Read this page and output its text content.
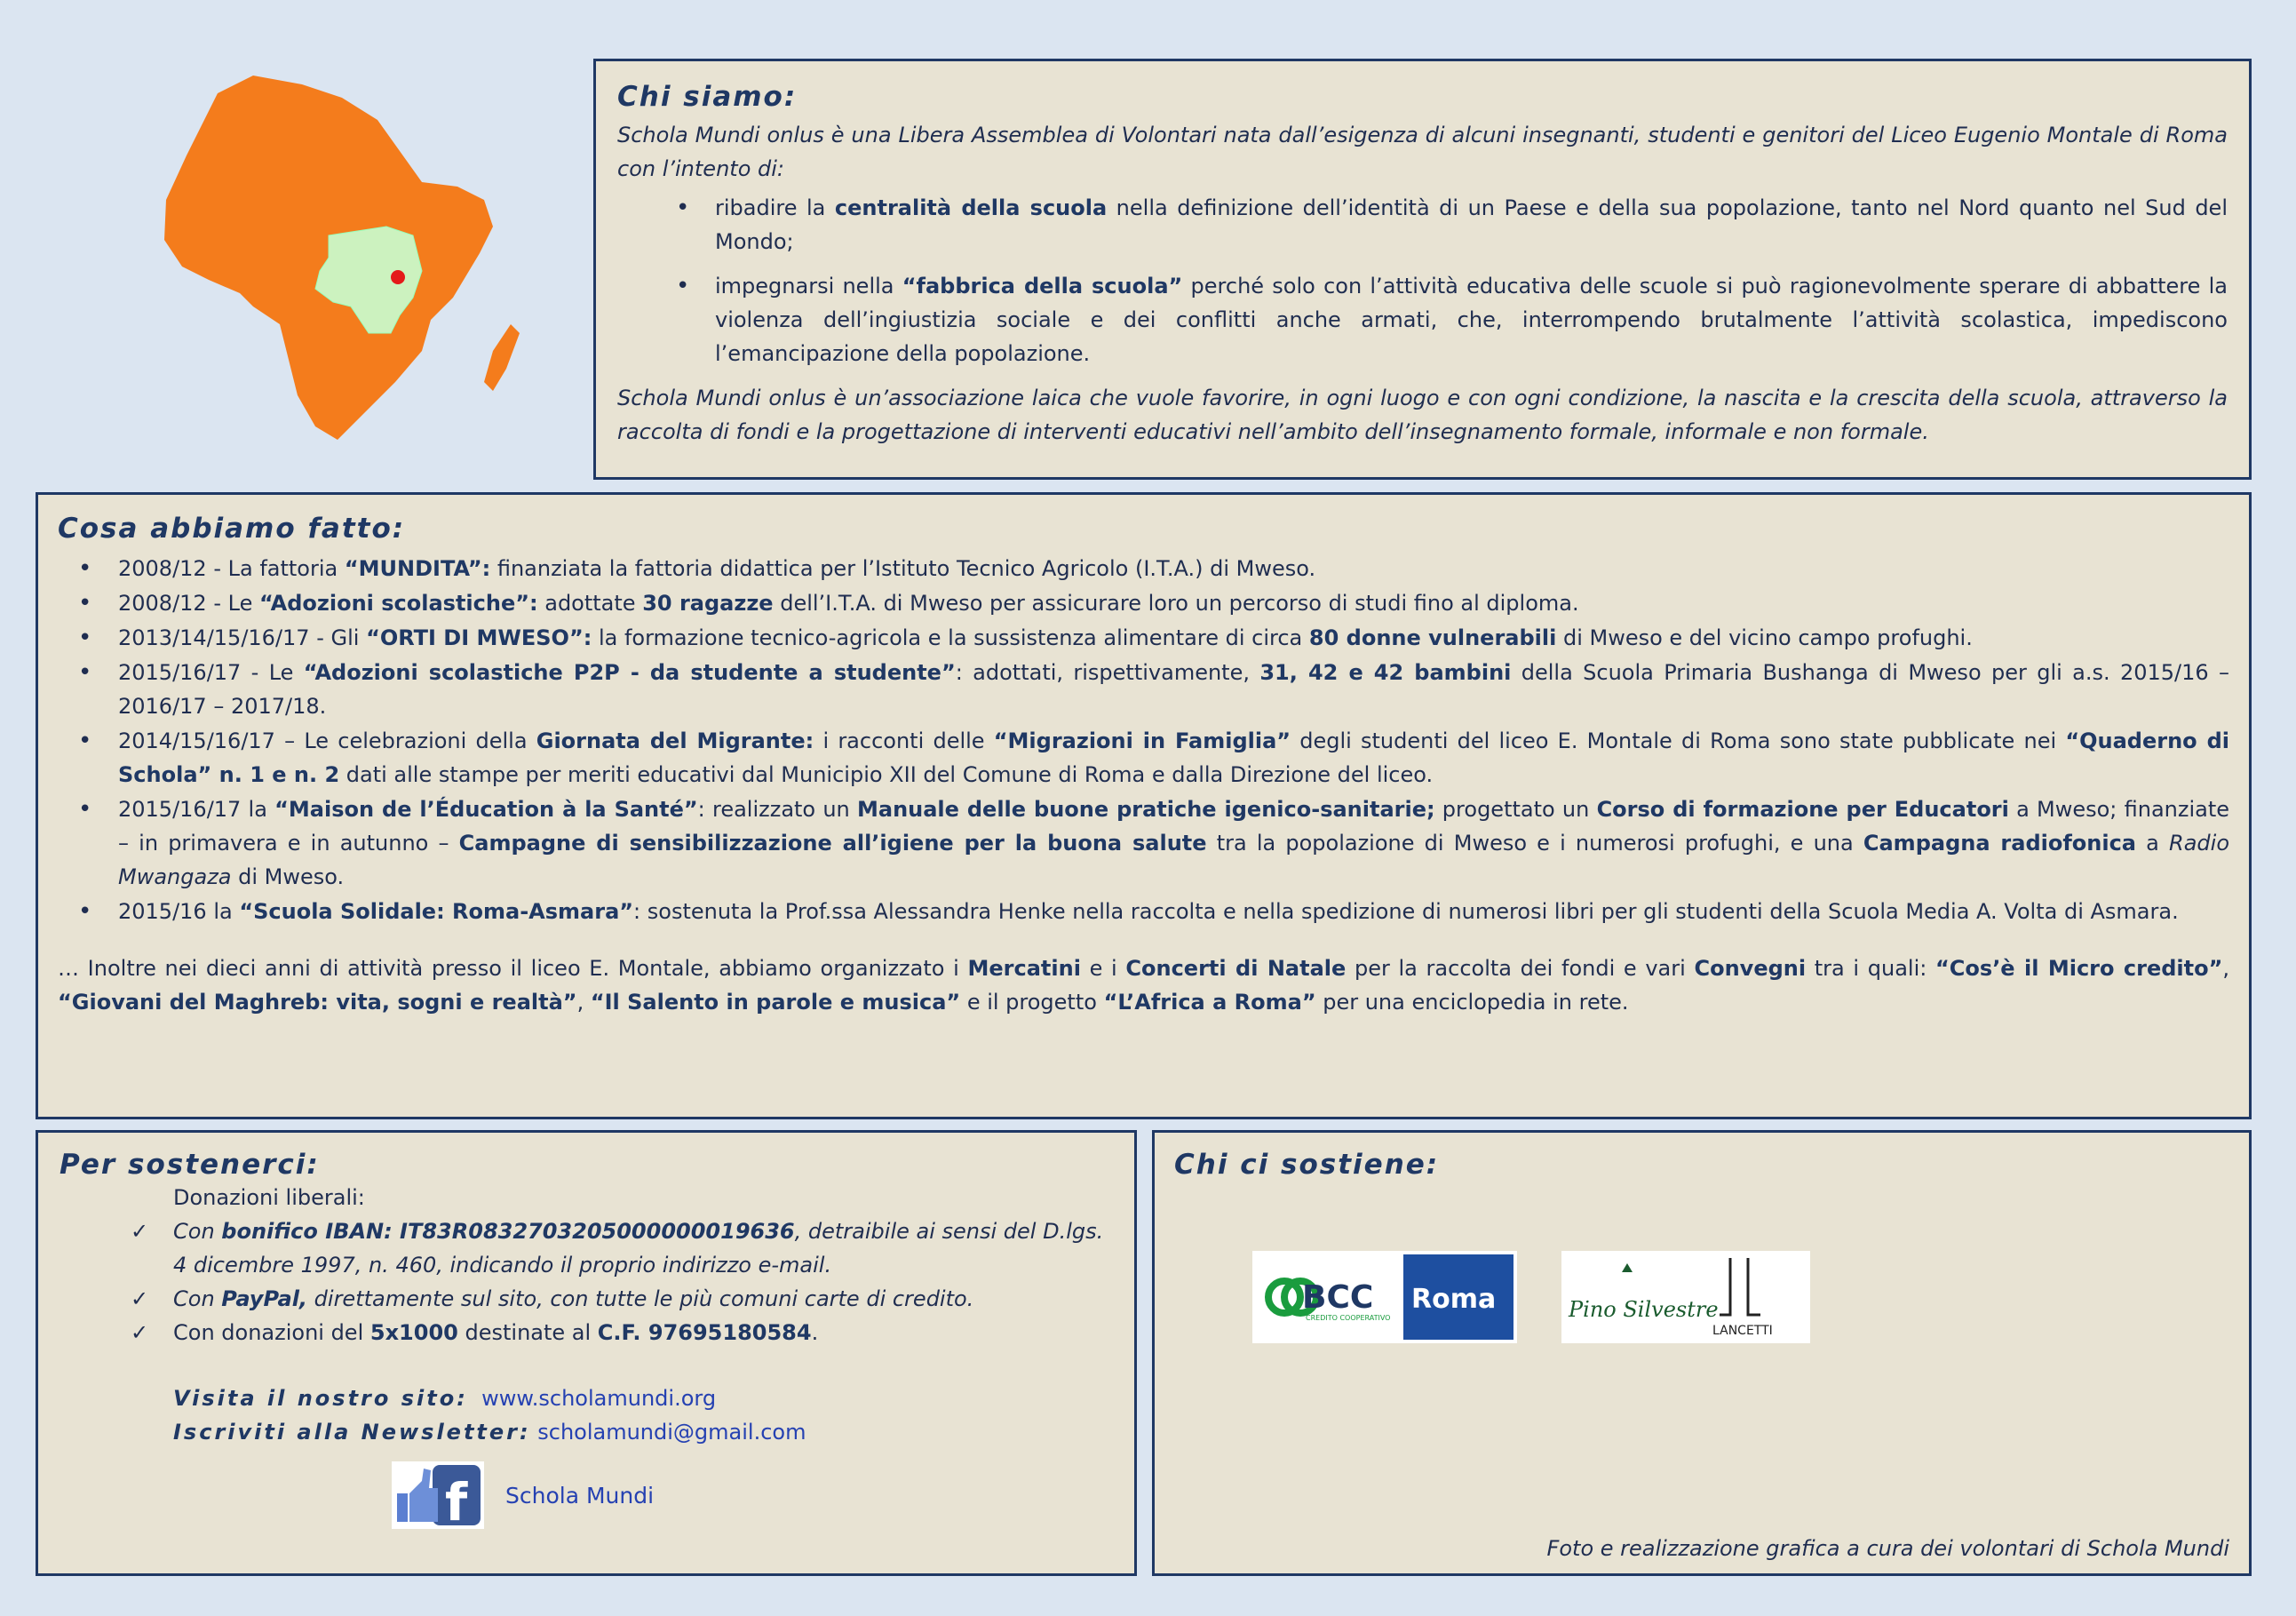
Chi siamo:

Schola Mundi onlus è una Libera Assemblea di Volontari nata dall’esigenza di alcuni insegnanti, studenti e genitori del Liceo Eugenio Montale di Roma con l’intento di:

• ribadire la centralità della scuola nella definizione dell’identità di un Paese e della sua popolazione, tanto nel Nord quanto nel Sud del Mondo;
• impegnarsi nella “fabbrica della scuola” perché solo con l’attività educativa delle scuole si può ragionevolmente sperare di abbattere la violenza dell’ingiustizia sociale e dei conflitti anche armati, che, interrompendo brutalmente l’attività scolastica, impediscono l’emancipazione della popolazione.

Schola Mundi onlus è un’associazione laica che vuole favorire, in ogni luogo e con ogni condizione, la nascita e la crescita della scuola, attraverso la raccolta di fondi e la progettazione di interventi educativi nell’ambito dell’insegnamento formale, informale e non formale.

Cosa abbiamo fatto:
• 2008/12 - La fattoria “MUNDITA”: finanziata la fattoria didattica per l’Istituto Tecnico Agricolo (I.T.A.) di Mweso.
• 2008/12 - Le “Adozioni scolastiche”: adottate 30 ragazze dell’I.T.A. di Mweso per assicurare loro un percorso di studi fino al diploma.
• 2013/14/15/16/17 - Gli “ORTI DI MWESO”: la formazione tecnico-agricola e la sussistenza alimentare di circa 80 donne vulnerabili di Mweso e del vicino campo profughi.
• 2015/16/17 - Le “Adozioni scolastiche P2P - da studente a studente”: adottati, rispettivamente, 31, 42 e 42 bambini della Scuola Primaria Bushanga di Mweso per gli a.s. 2015/16 – 2016/17 – 2017/18.
• 2014/15/16/17 – Le celebrazioni della Giornata del Migrante: i racconti delle “Migrazioni in Famiglia” degli studenti del liceo E. Montale di Roma sono state pubblicate nei “Quaderno di Schola” n. 1 e n. 2 dati alle stampe per meriti educativi dal Municipio XII del Comune di Roma e dalla Direzione del liceo.
• 2015/16/17 la “Maison de l’Éducation à la Santé”: realizzato un Manuale delle buone pratiche igenico-sanitarie; progettato un Corso di formazione per Educatori a Mweso; finanziate – in primavera e in autunno – Campagne di sensibilizzazione all’igiene per la buona salute tra la popolazione di Mweso e i numerosi profughi, e una Campagna radiofonica a Radio Mwangaza di Mweso.
• 2015/16 la “Scuola Solidale: Roma-Asmara”: sostenuta la Prof.ssa Alessandra Henke nella raccolta e nella spedizione di numerosi libri per gli studenti della Scuola Media A. Volta di Asmara.

… Inoltre nei dieci anni di attività presso il liceo E. Montale, abbiamo organizzato i Mercatini e i Concerti di Natale per la raccolta dei fondi e vari Convegni tra i quali: “Cos’è il Micro credito”, “Giovani del Maghreb: vita, sogni e realtà”, “Il Salento in parole e musica” e il progetto “L’Africa a Roma” per una enciclopedia in rete.

Per sostenerci:
Donazioni liberali:
✓ Con bonifico IBAN: IT83R0832703205000000019636, detraibile ai sensi del D.lgs. 4 dicembre 1997, n. 460, indicando il proprio indirizzo e-mail.
✓ Con PayPal, direttamente sul sito, con tutte le più comuni carte di credito.
✓ Con donazioni del 5x1000 destinate al C.F. 97695180584.
Visita il nostro sito: www.scholamundi.org
Iscriviti alla Newsletter: scholamundi@gmail.com
f Schola Mundi
Chi ci sostiene:
BCC
CREDITO COOPERATIVO
Roma	Pino Silvestre
LANCETTI
Foto e realizzazione grafica a cura dei volontari di Schola Mundi
